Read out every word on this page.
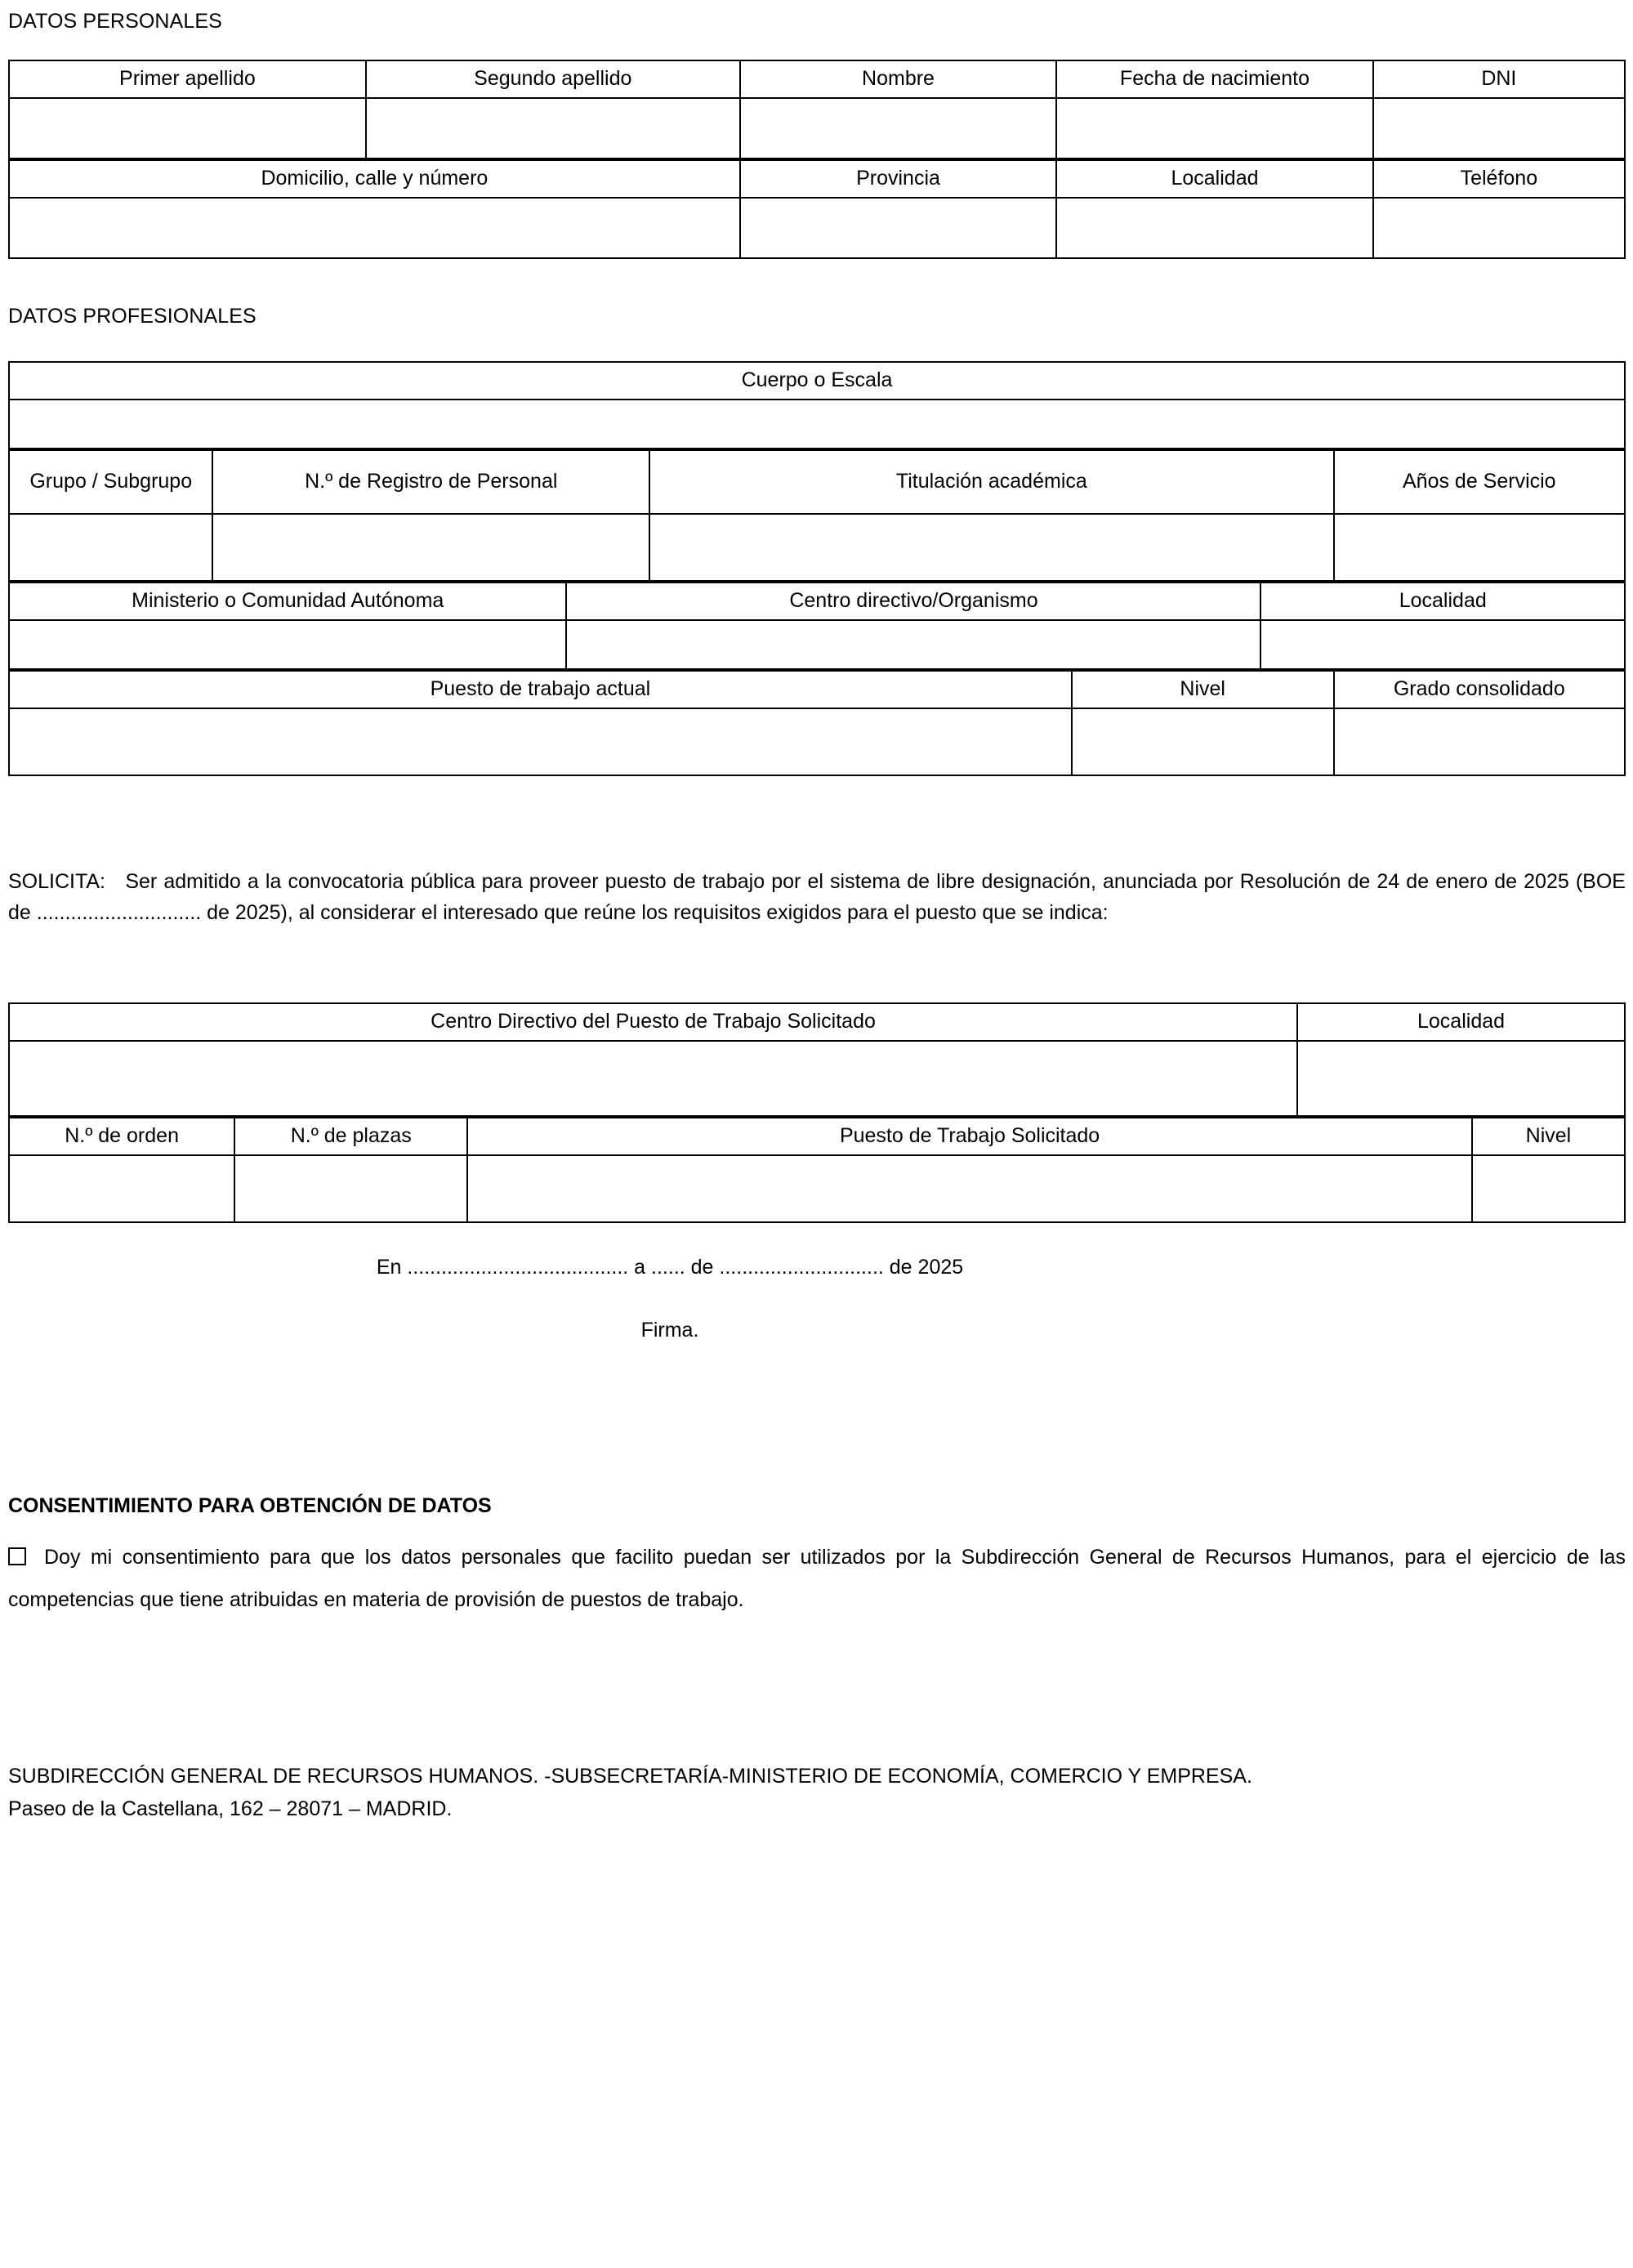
DATOS PERSONALES
Primer apellido	Segundo apellido	Nombre	Fecha de nacimiento	DNI

Domicilio, calle y número	Provincia	Localidad	Teléfono

DATOS PROFESIONALES
Cuerpo o Escala

Grupo / Subgrupo	N.º de Registro de Personal	Titulación académica	Años de Servicio

Ministerio o Comunidad Autónoma	Centro directivo/Organismo	Localidad

Puesto de trabajo actual	Nivel	Grado consolidado

SOLICITA: Ser admitido a la convocatoria pública para proveer puesto de trabajo por el sistema de libre designación, anunciada por Resolución de 24 de enero de 2025 (BOE de ............................. de 2025), al considerar el interesado que reúne los requisitos exigidos para el puesto que se indica:

Centro Directivo del Puesto de Trabajo Solicitado	Localidad

N.º de orden	N.º de plazas	Puesto de Trabajo Solicitado	Nivel

En ....................................... a ...... de ............................. de 2025
Firma.
CONSENTIMIENTO PARA OBTENCIÓN DE DATOS

Doy mi consentimiento para que los datos personales que facilito puedan ser utilizados por la Subdirección General de Recursos Humanos, para el ejercicio de las competencias que tiene atribuidas en materia de provisión de puestos de trabajo.

SUBDIRECCIÓN GENERAL DE RECURSOS HUMANOS. -SUBSECRETARÍA-MINISTERIO DE ECONOMÍA, COMERCIO Y EMPRESA.

Paseo de la Castellana, 162 – 28071 – MADRID.
